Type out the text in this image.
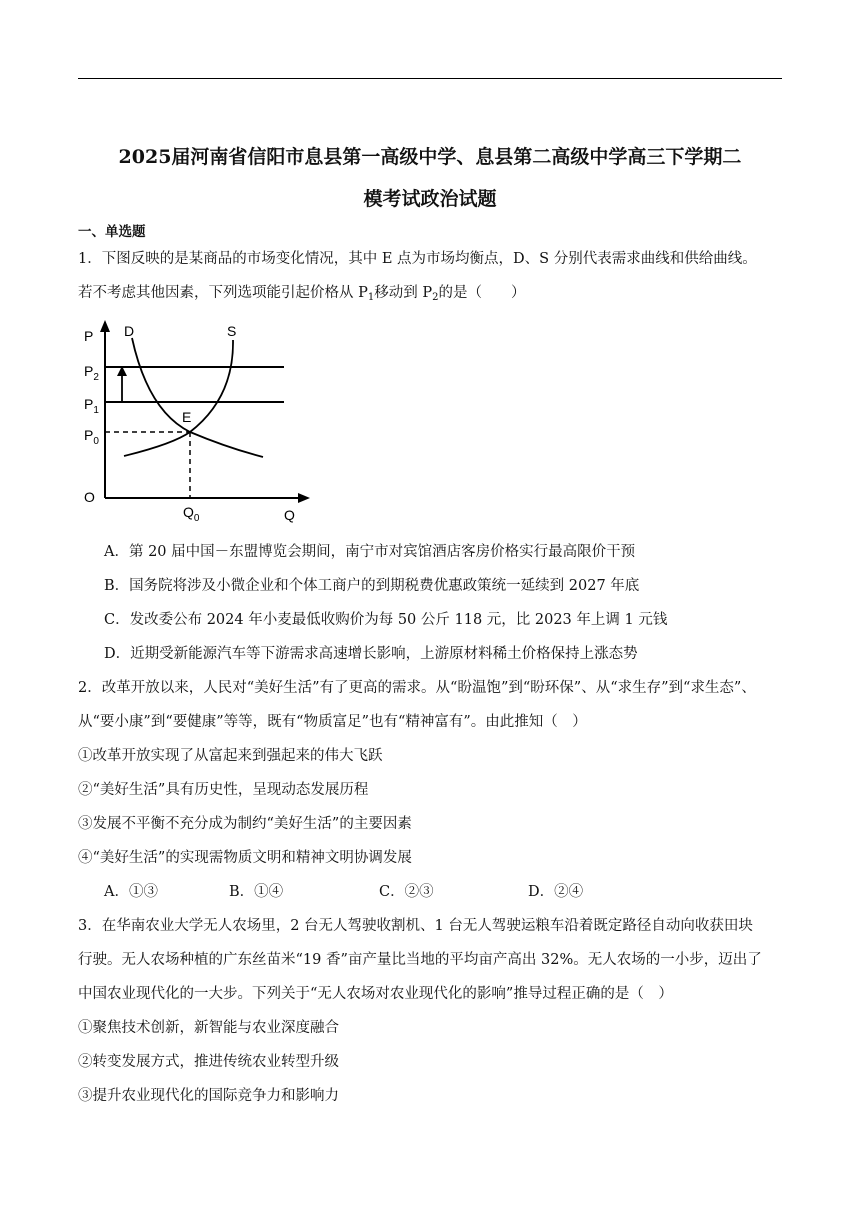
2025届河南省信阳市息县第一高级中学、息县第二高级中学高三下学期二
模考试政治试题
一、单选题
1．下图反映的是某商品的市场变化情况，其中 E 点为市场均衡点，D、S 分别代表需求曲线和供给曲线。
若不考虑其他因素，下列选项能引起价格从 $P_1$移动到 $P_2$的是（　　）
P D	S
E
O
Q
$P_2$
$P_1$
$P_0$
$Q_0$
A．第 20 届中国－东盟博览会期间，南宁市对宾馆酒店客房价格实行最高限价干预
B．国务院将涉及小微企业和个体工商户的到期税费优惠政策统一延续到 2027 年底
C．发改委公布 2024 年小麦最低收购价为每 50 公斤 118 元，比 2023 年上调 1 元钱
D．近期受新能源汽车等下游需求高速增长影响，上游原材料稀土价格保持上涨态势
2．改革开放以来，人民对“美好生活”有了更高的需求。从“盼温饱”到“盼环保”、从“求生存”到“求生态”、
从“要小康”到“要健康”等等，既有“物质富足”也有“精神富有”。由此推知（　）
①改革开放实现了从富起来到强起来的伟大飞跃
②“美好生活”具有历史性，呈现动态发展历程
③发展不平衡不充分成为制约“美好生活”的主要因素
④“美好生活”的实现需物质文明和精神文明协调发展
A．①③	B．①④	C．②③	D．②④
3．在华南农业大学无人农场里，2 台无人驾驶收割机、1 台无人驾驶运粮车沿着既定路径自动向收获田块
行驶。无人农场种植的广东丝苗米“19 香”亩产量比当地的平均亩产高出 32%。无人农场的一小步，迈出了
中国农业现代化的一大步。下列关于“无人农场对农业现代化的影响”推导过程正确的是（　）
①聚焦技术创新，新智能与农业深度融合
②转变发展方式，推进传统农业转型升级
③提升农业现代化的国际竞争力和影响力
